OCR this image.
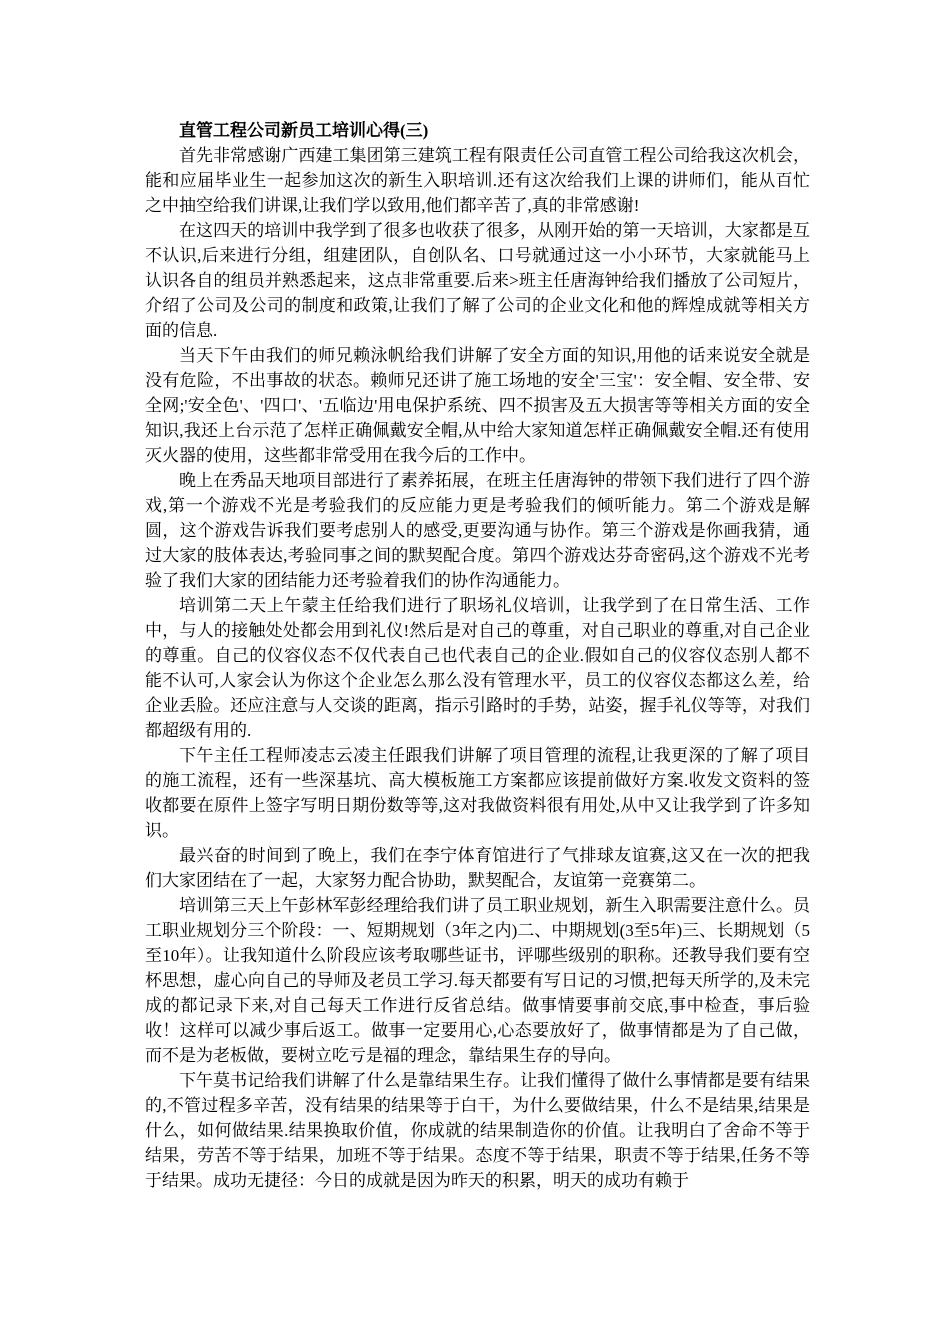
直管工程公司新员工培训心得(三)

首先非常感谢广西建工集团第三建筑工程有限责任公司直管工程公司给我这次机会，能和应届毕业生一起参加这次的新生入职培训.还有这次给我们上课的讲师们，能从百忙之中抽空给我们讲课,让我们学以致用,他们都辛苦了,真的非常感谢!

在这四天的培训中我学到了很多也收获了很多，从刚开始的第一天培训，大家都是互不认识,后来进行分组，组建团队，自创队名、口号就通过这一小小环节，大家就能马上认识各自的组员并熟悉起来，这点非常重要.后来>班主任唐海钟给我们播放了公司短片，介绍了公司及公司的制度和政策,让我们了解了公司的企业文化和他的辉煌成就等相关方面的信息.

当天下午由我们的师兄赖泳帆给我们讲解了安全方面的知识,用他的话来说安全就是没有危险，不出事故的状态。赖师兄还讲了施工场地的安全'三宝'：安全帽、安全带、安全网;'安全色'、'四口'、'五临边'用电保护系统、四不损害及五大损害等等相关方面的安全知识,我还上台示范了怎样正确佩戴安全帽,从中给大家知道怎样正确佩戴安全帽.还有使用灭火器的使用，这些都非常受用在我今后的工作中。

晚上在秀品天地项目部进行了素养拓展，在班主任唐海钟的带领下我们进行了四个游戏,第一个游戏不光是考验我们的反应能力更是考验我们的倾听能力。第二个游戏是解圆，这个游戏告诉我们要考虑别人的感受,更要沟通与协作。第三个游戏是你画我猜，通过大家的肢体表达,考验同事之间的默契配合度。第四个游戏达芬奇密码,这个游戏不光考验了我们大家的团结能力还考验着我们的协作沟通能力。

培训第二天上午蒙主任给我们进行了职场礼仪培训，让我学到了在日常生活、工作中，与人的接触处处都会用到礼仪!然后是对自己的尊重，对自己职业的尊重,对自己企业的尊重。自己的仪容仪态不仅代表自己也代表自己的企业.假如自己的仪容仪态别人都不能不认可,人家会认为你这个企业怎么那么没有管理水平，员工的仪容仪态都这么差，给企业丢脸。还应注意与人交谈的距离，指示引路时的手势，站姿，握手礼仪等等，对我们都超级有用的.

下午主任工程师凌志云凌主任跟我们讲解了项目管理的流程,让我更深的了解了项目的施工流程，还有一些深基坑、高大模板施工方案都应该提前做好方案.收发文资料的签收都要在原件上签字写明日期份数等等,这对我做资料很有用处,从中又让我学到了许多知识。

最兴奋的时间到了晚上，我们在李宁体育馆进行了气排球友谊赛,这又在一次的把我们大家团结在了一起，大家努力配合协助，默契配合，友谊第一竞赛第二。

培训第三天上午彭林军彭经理给我们讲了员工职业规划，新生入职需要注意什么。员工职业规划分三个阶段：一、短期规划（3年之内)二、中期规划(3至5年)三、长期规划（5至10年）。让我知道什么阶段应该考取哪些证书，评哪些级别的职称。还教导我们要有空杯思想，虚心向自己的导师及老员工学习.每天都要有写日记的习惯,把每天所学的,及未完成的都记录下来,对自己每天工作进行反省总结。做事情要事前交底,事中检查，事后验收！这样可以减少事后返工。做事一定要用心,心态要放好了，做事情都是为了自己做，而不是为老板做，要树立吃亏是福的理念，靠结果生存的导向。

下午莫书记给我们讲解了什么是靠结果生存。让我们懂得了做什么事情都是要有结果的,不管过程多辛苦，没有结果的结果等于白干，为什么要做结果，什么不是结果,结果是什么，如何做结果.结果换取价值，你成就的结果制造你的价值。让我明白了舍命不等于结果，劳苦不等于结果，加班不等于结果。态度不等于结果，职责不等于结果,任务不等于结果。成功无捷径：今日的成就是因为昨天的积累，明天的成功有赖于
